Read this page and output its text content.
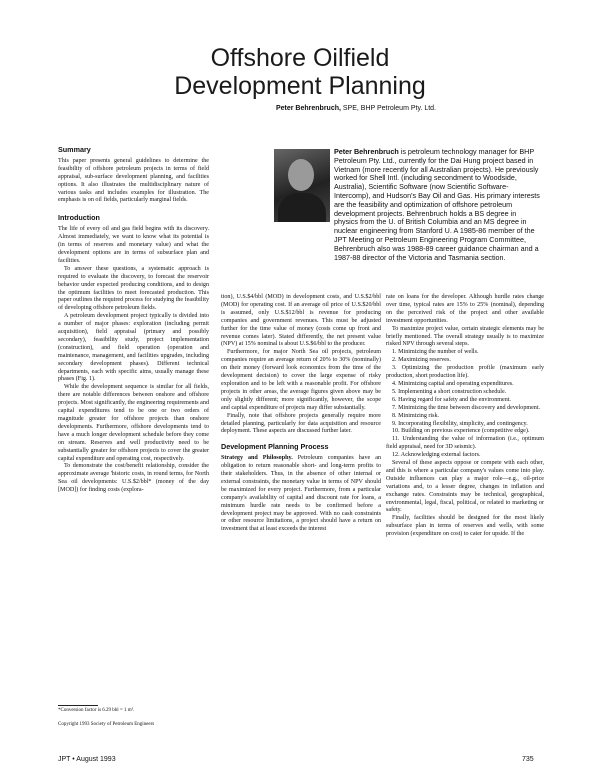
Offshore Oilfield
Development Planning
Peter Behrenbruch, SPE, BHP Petroleum Pty. Ltd.
Summary

This paper presents general guidelines to determine the feasibility of offshore petroleum projects in terms of field appraisal, sub-surface development planning, and facilities options. It also illustrates the multidisciplinary nature of various tasks and includes examples for illustration. The emphasis is on oil fields, particularly marginal fields.

Introduction

The life of every oil and gas field begins with its discovery. Almost immediately, we want to know what its potential is (in terms of reserves and monetary value) and what the development options are in terms of subsurface plan and facilities.

To answer these questions, a systematic approach is required to evaluate the discovery, to forecast the reservoir behavior under expected producing conditions, and to design the optimum facilities to meet forecasted production. This paper outlines the required process for studying the feasibility of developing offshore petroleum fields.

A petroleum development project typically is divided into a number of major phases: exploration (including permit acquisition), field appraisal (primary and possibly secondary), feasibility study, project implementation (construction), and field operation (operation and maintenance, management, and facilities upgrades, including secondary development phases). Different technical departments, each with specific aims, usually manage these phases (Fig. 1).

While the development sequence is similar for all fields, there are notable differences between onshore and offshore projects. Most significantly, the engineering requirements and capital expenditures tend to be one or two orders of magnitude greater for offshore projects than onshore developments. Furthermore, offshore developments tend to have a much longer development schedule before they come on stream. Reserves and well productivity need to be substantially greater for offshore projects to cover the greater capital expenditure and operating cost, respectively.

To demonstrate the cost/benefit relationship, consider the approximate average 'historic costs, in round terms, for North Sea oil developments: U.S.$2/bbl* (money of the day [MOD]) for finding costs (explora-

*Conversion factor is 6.29 bbl = 1 m³.
Copyright 1993 Society of Petroleum Engineers
Peter Behrenbruch is petroleum technology manager for BHP Petroleum Pty. Ltd., currently for the Dai Hung project based in Vietnam (more recently for all Australian projects). He previously worked for Shell Intl. (including secondment to Woodside, Australia), Scientific Software (now Scientific Software-Intercomp), and Hudson's Bay Oil and Gas. His primary interests are the feasibility and optimization of offshore petroleum development projects. Behrenbruch holds a BS degree in physics from the U. of British Columbia and an MS degree in nuclear engineering from Stanford U. A 1985-86 member of the JPT Meeting or Petroleum Engineering Program Committee, Behrenbruch also was 1988-89 career guidance chairman and a 1987-88 director of the Victoria and Tasmania section.

tion), U.S.$4/bbl (MOD) in development costs, and U.S.$2/bbl (MOD) for operating cost. If an average oil price of U.S.$20/bbl is assumed, only U.S.$12/bbl is revenue for producing companies and government revenues. This must be adjusted further for the time value of money (costs come up front and revenue comes later). Stated differently, the net present value (NPV) at 15% nominal is about U.S.$6/bbl to the producer.

Furthermore, for major North Sea oil projects, petroleum companies require an average return of 20% to 30% (nominally) on their money (forward look economics from the time of the development decision) to cover the large expense of risky exploration and to be left with a reasonable profit. For offshore projects in other areas, the average figures given above may be only slightly different; more significantly, however, the scope and capital expenditure of projects may differ substantially.

Finally, note that offshore projects generally require more detailed planning, particularly for data acquisition and resource deployment. These aspects are discussed further later.

Development Planning Process

Strategy and Philosophy. Petroleum companies have an obligation to return reasonable short- and long-term profits to their stakeholders. Thus, in the absence of other internal or external constraints, the monetary value in terms of NPV should be maximized for every project. Furthermore, from a particular company's availability of capital and discount rate for loans, a minimum hurdle rate needs to be confirmed before a development project may be approved. With no cash constraints or other resource limitations, a project should have a return on investment that at least exceeds the interest

rate on loans for the developer. Although hurdle rates change over time, typical rates are 15% to 25% (nominal), depending on the perceived risk of the project and other available investment opportunities.

To maximize project value, certain strategic elements may be briefly mentioned. The overall strategy usually is to maximize risked NPV through several steps.

1. Minimizing the number of wells.

2. Maximizing reserves.

3. Optimizing the production profile (maximum early production, short production life).

4. Minimizing capital and operating expenditures.

5. Implementing a short construction schedule.

6. Having regard for safety and the environment.

7. Minimizing the time between discovery and development.

8. Minimizing risk.

9. Incorporating flexibility, simplicity, and contingency.

10. Building on previous experience (competitive edge).

11. Understanding the value of information (i.e., optimum field appraisal, need for 3D seismic).

12. Acknowledging external factors.

Several of these aspects oppose or compete with each other, and this is where a particular company's values come into play. Outside influences can play a major role—e.g., oil-price variations and, to a lesser degree, changes in inflation and exchange rates. Constraints may be technical, geographical, environmental, legal, fiscal, political, or related to marketing or safety.

Finally, facilities should be designed for the most likely subsurface plan in terms of reserves and wells, with some provision (expenditure on cost) to cater for upside. If the

JPT • August 1993	735
